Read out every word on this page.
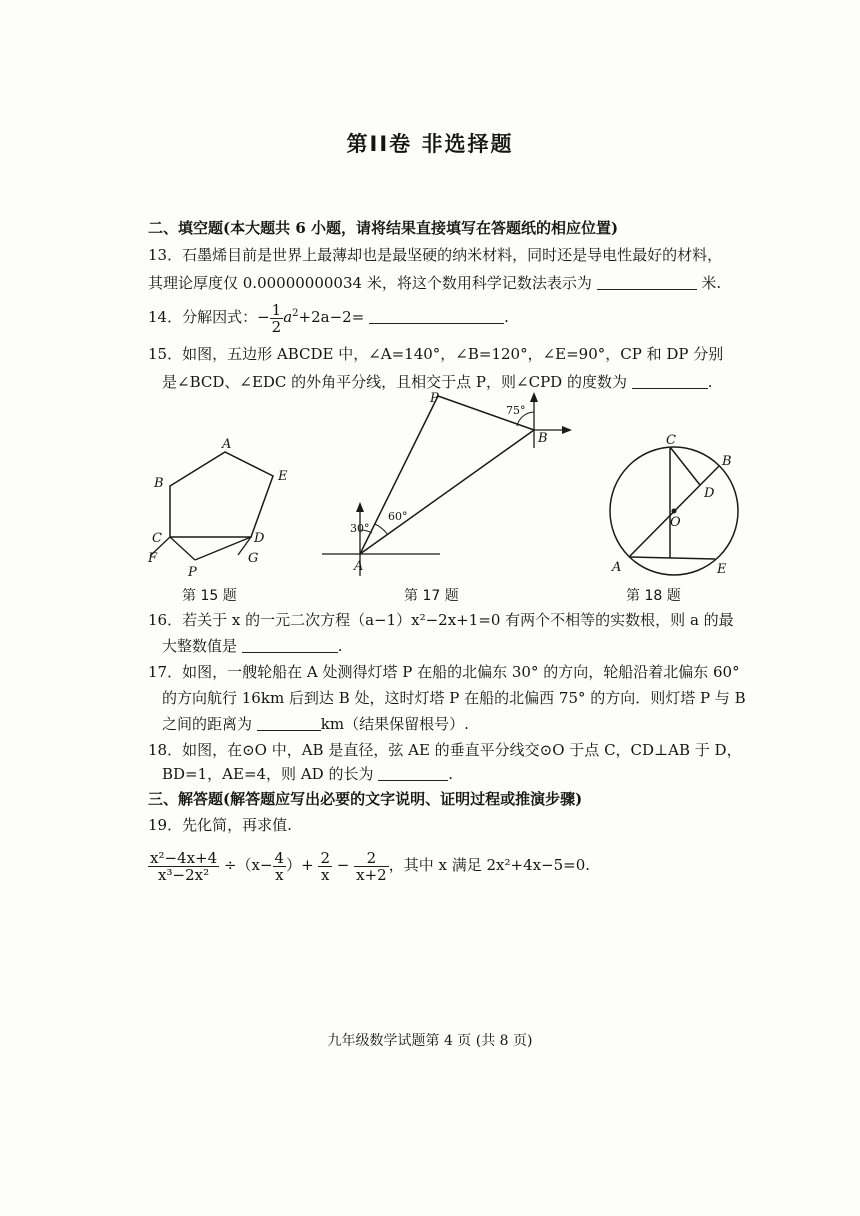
第II卷 非选择题
二、填空题(本大题共 6 小题，请将结果直接填写在答题纸的相应位置)
13．石墨烯目前是世界上最薄却也是最坚硬的纳米材料，同时还是导电性最好的材料，
其理论厚度仅 0.00000000034 米，将这个数用科学记数法表示为	米.
14．分解因式：− $\frac{1}{2} a^2+2a-2=$	.
15．如图，五边形 ABCDE 中，∠A=140°，∠B=120°，∠E=90°，CP 和 DP 分别
是∠BCD、∠EDC 的外角平分线，且相交于点 P，则∠CPD 的度数为	.
A
B	E
C	D
F	G
P
第 15 题
A
B
P
30°
60°
75°
第 17 题
C
B
D
O
A	E
第 18 题
16．若关于 x 的一元二次方程（a−1）x²−2x+1=0 有两个不相等的实数根，则 a 的最
大整数值是	.
17．如图，一艘轮船在 A 处测得灯塔 P 在船的北偏东 30° 的方向，轮船沿着北偏东 60°
的方向航行 16km 后到达 B 处，这时灯塔 P 在船的北偏西 75° 的方向．则灯塔 P 与 B
之间的距离为	km（结果保留根号）.
18．如图，在⊙O 中，AB 是直径，弦 AE 的垂直平分线交⊙O 于点 C，CD⊥AB 于 D，
BD=1，AE=4，则 AD 的长为	.
三、解答题(解答题应写出必要的文字说明、证明过程或推演步骤)
19．先化简，再求值.
$\frac{\text{x²−4x+4}}{\text{x³−2x²}} \div(x- \frac{4}{x}$ ）+ $\frac{2}{x} - \frac{2}{x+2}$ ，其中 x 满足 2x²+4x−5=0.
九年级数学试题第 4 页 (共 8 页)
